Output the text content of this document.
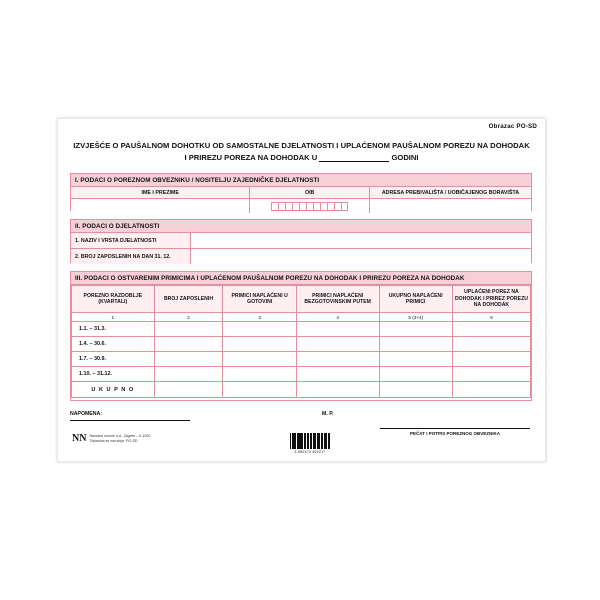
Obrazac PO-SD
IZVJEŠĆE O PAUŠALNOM DOHOTKU OD SAMOSTALNE DJELATNOSTI I UPLAĆENOM PAUŠALNOM POREZU NA DOHODAK
I PRIREZU POREZA NA DOHODAK U	GODINI
I. PODACI O POREZNOM OBVEZNIKU / NOSITELJU ZAJEDNIČKE DJELATNOSTI
IME I PREZIME	OIB	ADRESA PREBIVALIŠTA / UOBIČAJENOG BORAVIŠTA
II. PODACI O DJELATNOSTI
1. NAZIV I VRSTA DJELATNOSTI
2. BROJ ZAPOSLENIH NA DAN 31. 12.
III. PODACI O OSTVARENIM PRIMICIMA I UPLAĆENOM PAUŠALNOM POREZU NA DOHODAK I PRIREZU POREZA NA DOHODAK
POREZNO RAZDOBLJE (KVARTALI)	BROJ ZAPOSLENIH	PRIMICI NAPLAĆENI U GOTOVINI	PRIMICI NAPLAĆENI BEZGOTOVINSKIM PUTEM	UKUPNO NAPLAĆENI PRIMICI	UPLAĆENI POREZ NA DOHODAK I PRIREZ POREZU NA DOHODAK
1	2	3	4	5 (3+4)	6
1.1. – 31.3.					
1.4. – 30.6.					
1.7. – 30.9.					
1.10. – 31.12.					
U K U P N O					
NAPOMENA:	M. P.
NN Narodne novine d.d., Zagreb – II-1000
Tiskanica se naručuje: PO-SD
3 850370 450217
PEČAT I POTPIS POREZNOG OBVEZNIKA
